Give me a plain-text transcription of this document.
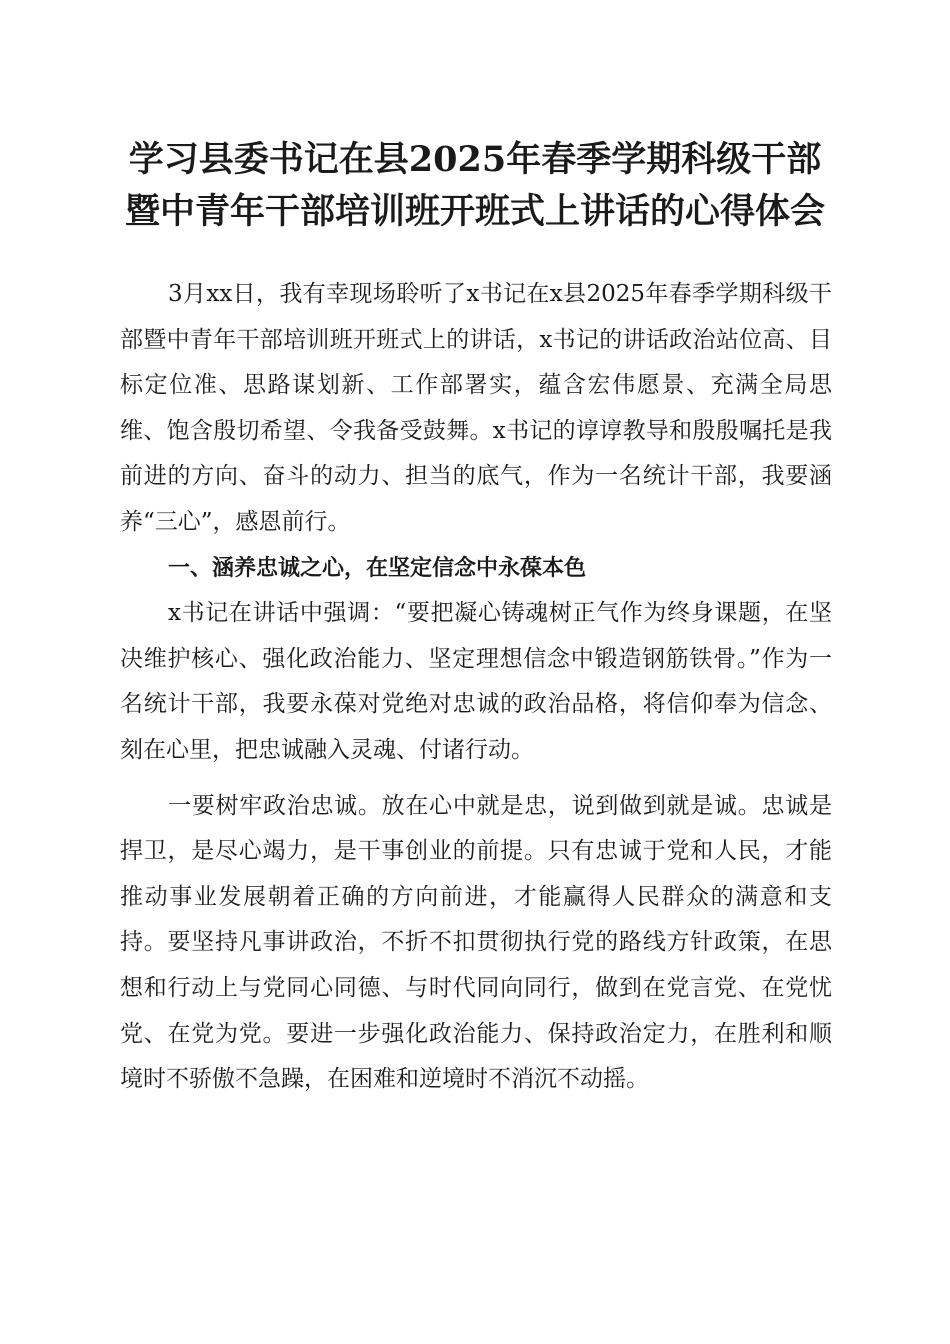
学习县委书记在县2025年春季学期科级干部
暨中青年干部培训班开班式上讲话的心得体会

3月xx日，我有幸现场聆听了x书记在x县2025年春季学期科级干部暨中青年干部培训班开班式上的讲话，x书记的讲话政治站位高、目标定位准、思路谋划新、工作部署实，蕴含宏伟愿景、充满全局思维、饱含殷切希望、令我备受鼓舞。x书记的谆谆教导和殷殷嘱托是我前进的方向、奋斗的动力、担当的底气，作为一名统计干部，我要涵养“三心”，感恩前行。

一、涵养忠诚之心，在坚定信念中永葆本色

x书记在讲话中强调：“要把凝心铸魂树正气作为终身课题，在坚决维护核心、强化政治能力、坚定理想信念中锻造钢筋铁骨。”作为一名统计干部，我要永葆对党绝对忠诚的政治品格，将信仰奉为信念、刻在心里，把忠诚融入灵魂、付诸行动。

一要树牢政治忠诚。放在心中就是忠，说到做到就是诚。忠诚是捍卫，是尽心竭力，是干事创业的前提。只有忠诚于党和人民，才能推动事业发展朝着正确的方向前进，才能赢得人民群众的满意和支持。要坚持凡事讲政治，不折不扣贯彻执行党的路线方针政策，在思想和行动上与党同心同德、与时代同向同行，做到在党言党、在党忧党、在党为党。要进一步强化政治能力、保持政治定力，在胜利和顺境时不骄傲不急躁，在困难和逆境时不消沉不动摇。
